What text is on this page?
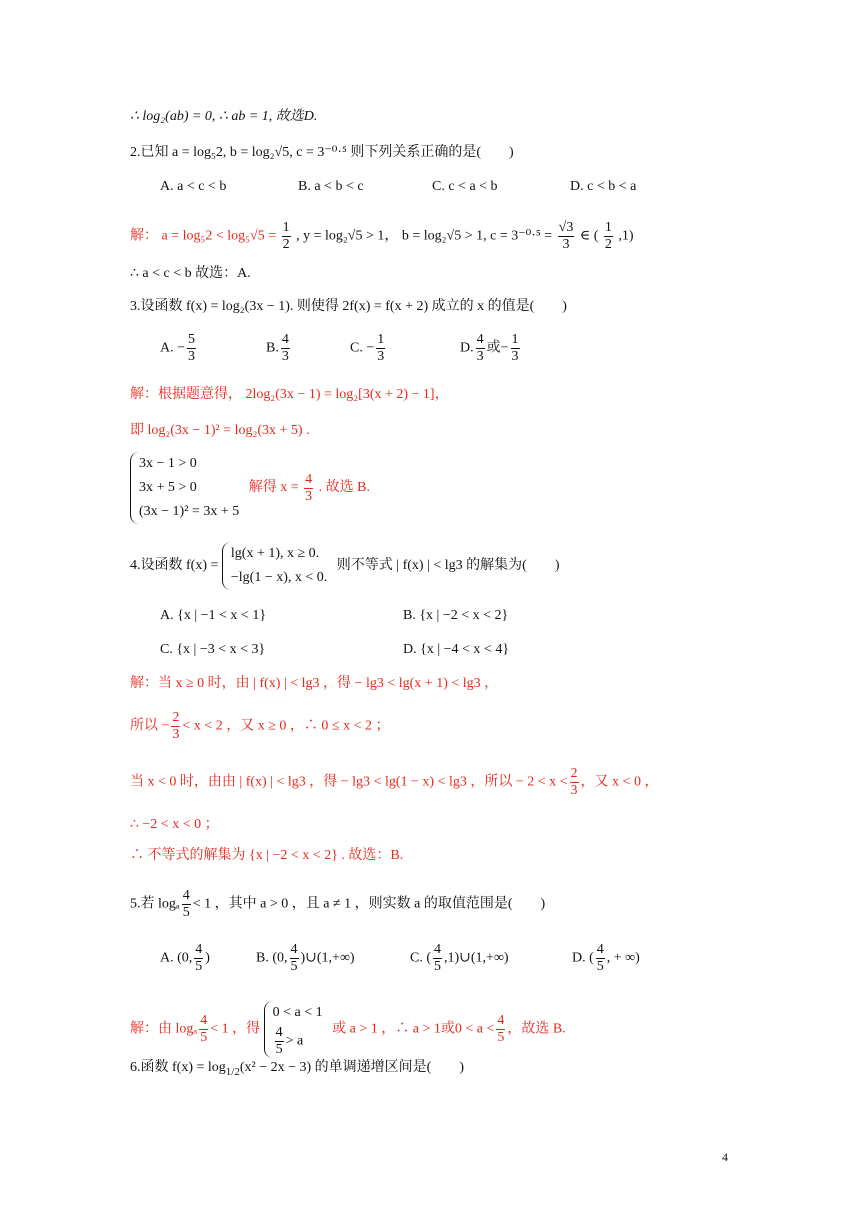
∴ log₂(ab) = 0, ∴ ab = 1, 故选D.
2.已知 a = log₅2, b = log₂√5, c = 3⁻⁰·⁵ 则下列关系正确的是(　　)
A. a < c < b	B. a < b < c	C. c < a < b	D. c < b < a
解： $a = \log_52 < \log_5√5 = \frac{1}{2}$ , y = log₂√5 > 1， b = log₂√5 > 1, $c = 3^{-0}\cdot^5 = \frac{√3}{3}$ ∈ ( $\frac{1}{2} ,1$)
∴ a < c < b 故选：A.
3.设函数 f(x) = log₂(3x − 1). 则使得 2f(x) = f(x + 2) 成立的 x 的值是(　　)
A. − $\frac{5}{3}$	B. $\frac{4}{3}$	C. − $\frac{1}{3}$	D. $\frac{4}{3}$ 或− $\frac{1}{3}$
解：根据题意得， 2log₂(3x − 1) = log₂[3(x + 2) − 1]，
即 log₂(3x − 1)² = log₂(3x + 5) .
3x − 1 > 0
3x + 5 > 0
(3x − 1)² = 3x + 5
解得 $x = \frac{4}{3}$ . 故选 B.
4.设函数 f(x) =
lg(x + 1), x ≥ 0.
−lg(1 − x), x < 0.
则不等式 | f(x) | < lg3 的解集为(　　)
A. {x | −1 < x < 1}	B. {x | −2 < x < 2}
C. {x | −3 < x < 3}	D. {x | −4 < x < 4}
解：当 x ≥ 0 时，由 | f(x) | < lg3 ，得 − lg3 < lg(x + 1) < lg3 ，
所以 − $\frac{2}{3} < x < 2$ ，又 x ≥ 0 ，∴ 0 ≤ x < 2 ；
当 x < 0 时，由由 | f(x) | < lg3 ，得 − lg3 < lg(1 − x) < lg3 ，所以 − $2 < x < \frac{2}{3}$ ，又 x < 0 ，
∴ −2 < x < 0 ；
∴ 不等式的解集为 {x | −2 < x < 2} . 故选：B.
5.若 logₐ $\frac{4}{5} < 1$ ，其中 a > 0 ，且 a ≠ 1 ，则实数 a 的取值范围是(　　)
A. (0, $\frac{4}{5}$ )	B. (0, $\frac{4}{5}$ )∪(1,+∞)	C. ( $\frac{4}{5}$ ,1)∪(1,+∞)	D. ( $\frac{4}{5}$ , + ∞)
解：由 logₐ $\frac{4}{5} < 1$ ，得
0 < a < 1
$\frac{4}{5} > a$
或 a > 1 ，∴ a > 1或$0 < a < \frac{4}{5}$ ，故选 B.
6.函数 $f(x) = \log_{1/2}(x^2 - 2x - 3)$ 的单调递增区间是(　　)
4
